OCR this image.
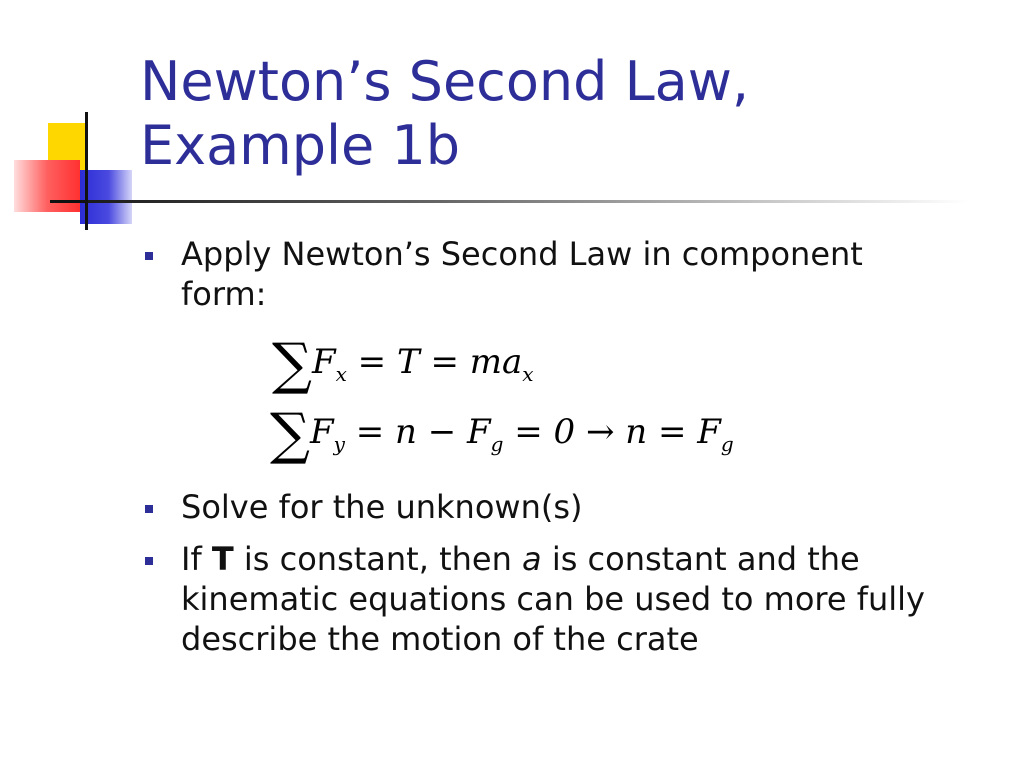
Newton’s Second Law,
Example 1b
Apply Newton’s Second Law in component
form:
$\sum F_x = T = ma_x$
$\sum F_y = n - F_g = 0 \to n = F_g$
Solve for the unknown(s)
If T is constant, then a is constant and the
kinematic equations can be used to more fully
describe the motion of the crate
